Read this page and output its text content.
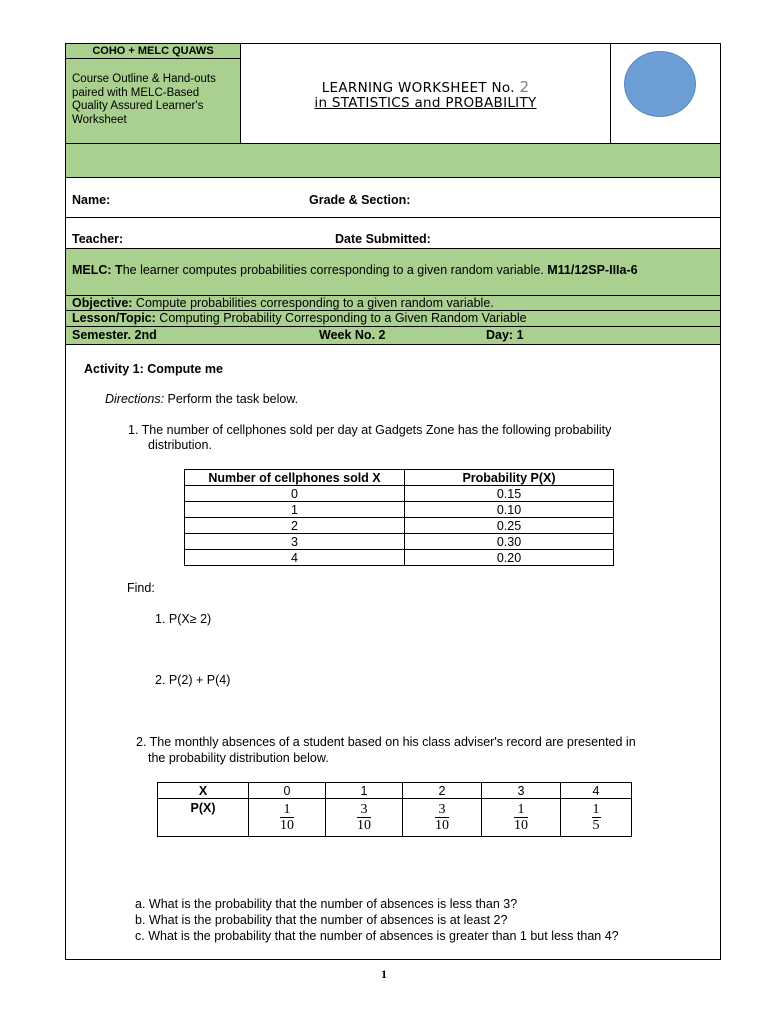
COHO + MELC QUAWS
Course Outline & Hand-outs paired with MELC-Based Quality Assured Learner's Worksheet
LEARNING WORKSHEET No. 2
in STATISTICS and PROBABILITY
Name:	Grade & Section:
Teacher:	Date Submitted:
MELC: The learner computes probabilities corresponding to a given random variable. M11/12SP-IIIa-6
Objective: Compute probabilities corresponding to a given random variable.
Lesson/Topic: Computing Probability Corresponding to a Given Random Variable
Semester. 2nd	Week No. 2	Day: 1
Activity 1: Compute me
Directions: Perform the task below.
1. The number of cellphones sold per day at Gadgets Zone has the following probability
distribution.
Number of cellphones sold X	Probability P(X)
0	0.15
1	0.10
2	0.25
3	0.30
4	0.20
Find:
1. P(X≥ 2)
2. P(2) + P(4)
2. The monthly absences of a student based on his class adviser's record are presented in
the probability distribution below.
X	0	1	2	3	4
P(X)	$\frac{1}{10}$	$\frac{3}{10}$	$\frac{3}{10}$	$\frac{1}{10}$	$\frac{1}{5}$
a. What is the probability that the number of absences is less than 3?
b. What is the probability that the number of absences is at least 2?
c. What is the probability that the number of absences is greater than 1 but less than 4?
1
